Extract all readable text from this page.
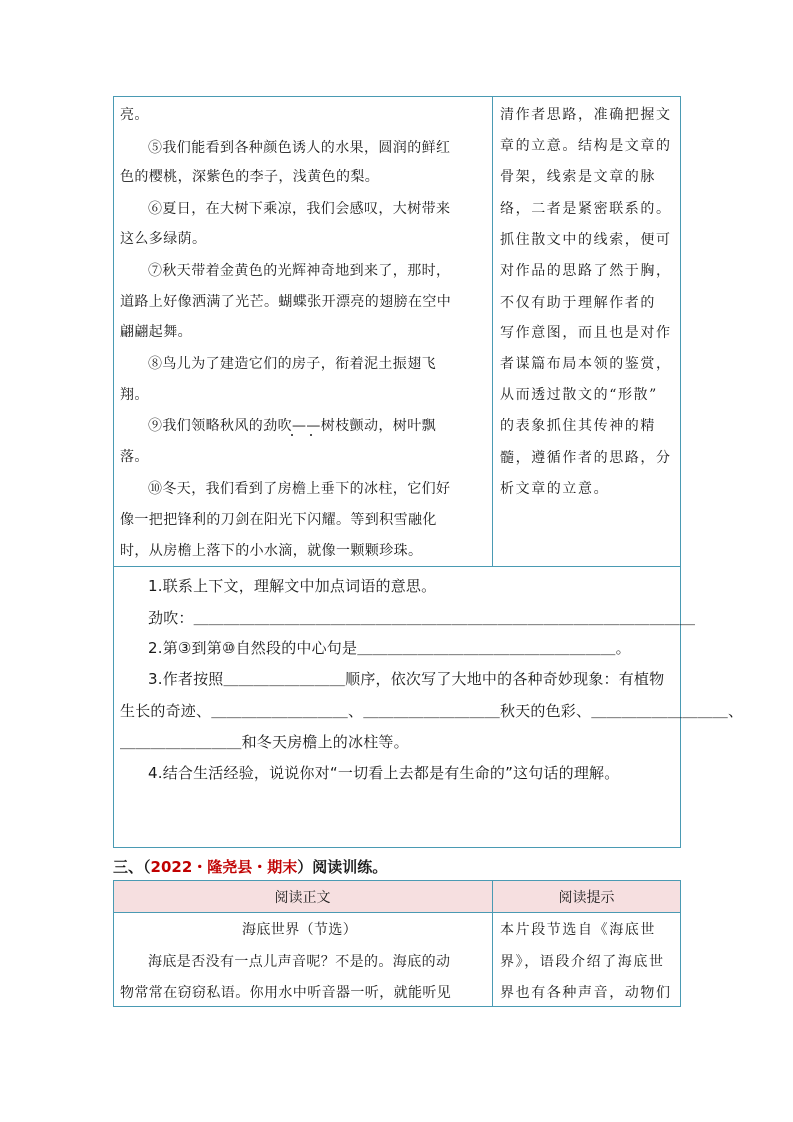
亮。
⑤我们能看到各种颜色诱人的水果，圆润的鲜红
色的樱桃，深紫色的李子，浅黄色的梨。
⑥夏日，在大树下乘凉，我们会感叹，大树带来
这么多绿荫。
⑦秋天带着金黄色的光辉神奇地到来了，那时，
道路上好像洒满了光芒。蝴蝶张开漂亮的翅膀在空中
翩翩起舞。
⑧鸟儿为了建造它们的房子，衔着泥土振翅飞
翔。
⑨我们领略秋风的劲吹——树枝颤动，树叶飘
落。
⑩冬天，我们看到了房檐上垂下的冰柱，它们好
像一把把锋利的刀剑在阳光下闪耀。等到积雪融化
时，从房檐上落下的小水滴，就像一颗颗珍珠。
清作者思路，准确把握文
章的立意。结构是文章的
骨架，线索是文章的脉
络，二者是紧密联系的。
抓住散文中的线索，便可
对作品的思路了然于胸，
不仅有助于理解作者的
写作意图，而且也是对作
者谋篇布局本领的鉴赏，
从而透过散文的“形散”
的表象抓住其传神的精
髓，遵循作者的思路，分
析文章的立意。
1.联系上下文，理解文中加点词语的意思。
劲吹：＿＿＿＿＿＿＿＿＿＿＿＿＿＿＿＿＿＿＿＿＿＿＿＿＿＿＿＿＿＿＿＿＿
2.第③到第⑩自然段的中心句是＿＿＿＿＿＿＿＿＿＿＿＿＿＿＿＿＿。
3.作者按照＿＿＿＿＿＿＿＿顺序，依次写了大地中的各种奇妙现象：有植物
生长的奇迹、＿＿＿＿＿＿＿＿＿、＿＿＿＿＿＿＿＿＿秋天的色彩、＿＿＿＿＿＿＿＿＿、
＿＿＿＿＿＿＿＿和冬天房檐上的冰柱等。
4.结合生活经验，说说你对“一切看上去都是有生命的”这句话的理解。
三、（2022・隆尧县・期末）阅读训练。
阅读正文	阅读提示
海底世界（节选）
海底是否没有一点儿声音呢？不是的。海底的动
物常常在窃窃私语。你用水中听音器一听，就能听见
本片段节选自《海底世
界》，语段介绍了海底世
界也有各种声音，动物们
